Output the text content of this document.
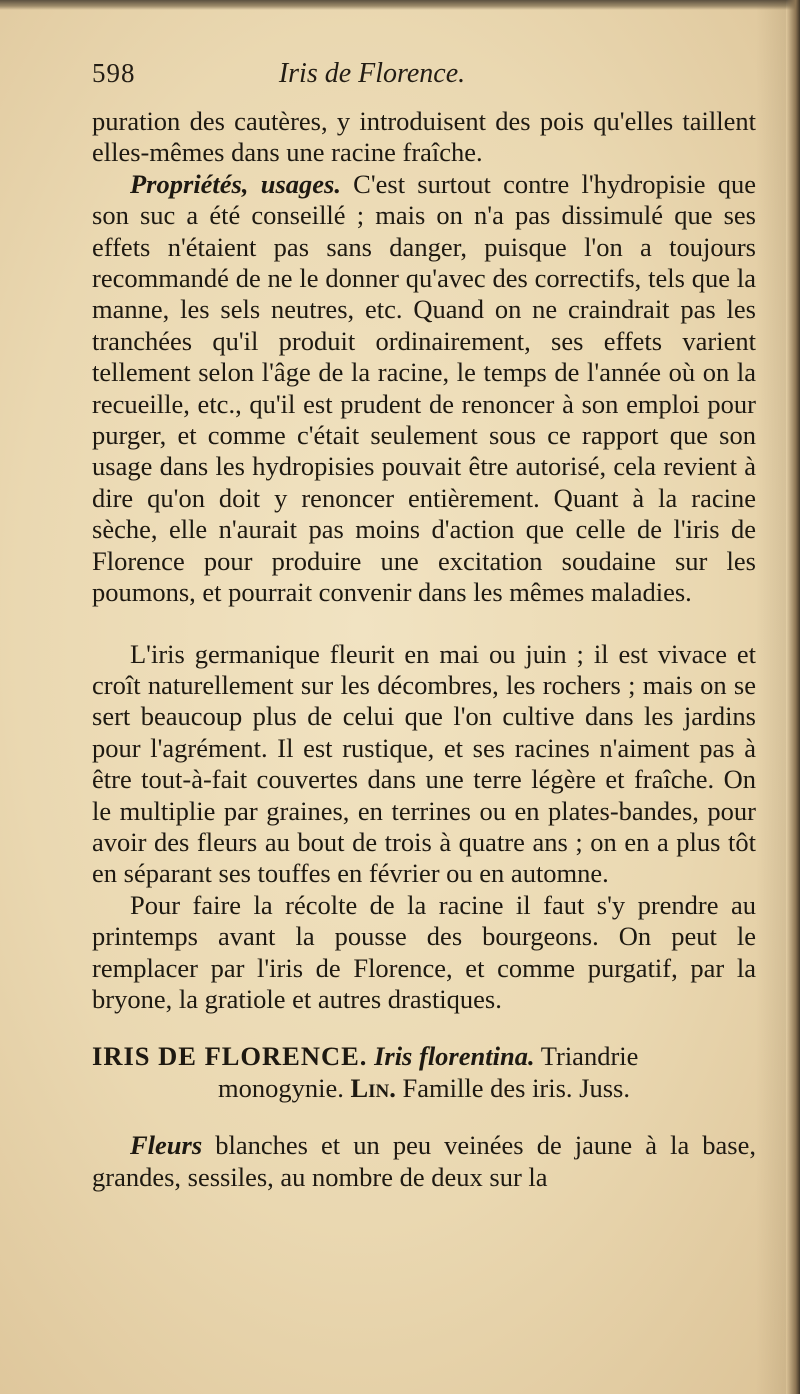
598	Iris de Florence.

puration des cautères, y introduisent des pois qu'elles taillent elles-mêmes dans une racine fraîche.

Propriétés, usages. C'est surtout contre l'hydropisie que son suc a été conseillé ; mais on n'a pas dissimulé que ses effets n'étaient pas sans danger, puisque l'on a toujours recommandé de ne le donner qu'avec des correctifs, tels que la manne, les sels neutres, etc. Quand on ne craindrait pas les tranchées qu'il produit ordinairement, ses effets varient tellement selon l'âge de la racine, le temps de l'année où on la recueille, etc., qu'il est prudent de renoncer à son emploi pour purger, et comme c'était seulement sous ce rapport que son usage dans les hydropisies pouvait être autorisé, cela revient à dire qu'on doit y renoncer entièrement. Quant à la racine sèche, elle n'aurait pas moins d'action que celle de l'iris de Florence pour produire une excitation soudaine sur les poumons, et pourrait convenir dans les mêmes maladies.

L'iris germanique fleurit en mai ou juin ; il est vivace et croît naturellement sur les décombres, les rochers ; mais on se sert beaucoup plus de celui que l'on cultive dans les jardins pour l'agrément. Il est rustique, et ses racines n'aiment pas à être tout-à-fait couvertes dans une terre légère et fraîche. On le multiplie par graines, en terrines ou en plates-bandes, pour avoir des fleurs au bout de trois à quatre ans ; on en a plus tôt en séparant ses touffes en février ou en automne.

Pour faire la récolte de la racine il faut s'y prendre au printemps avant la pousse des bourgeons. On peut le remplacer par l'iris de Florence, et comme purgatif, par la bryone, la gratiole et autres drastiques.

IRIS DE FLORENCE. Iris florentina. Triandrie

monogynie. Lin. Famille des iris. Juss.

Fleurs blanches et un peu veinées de jaune à la base, grandes, sessiles, au nombre de deux sur la
